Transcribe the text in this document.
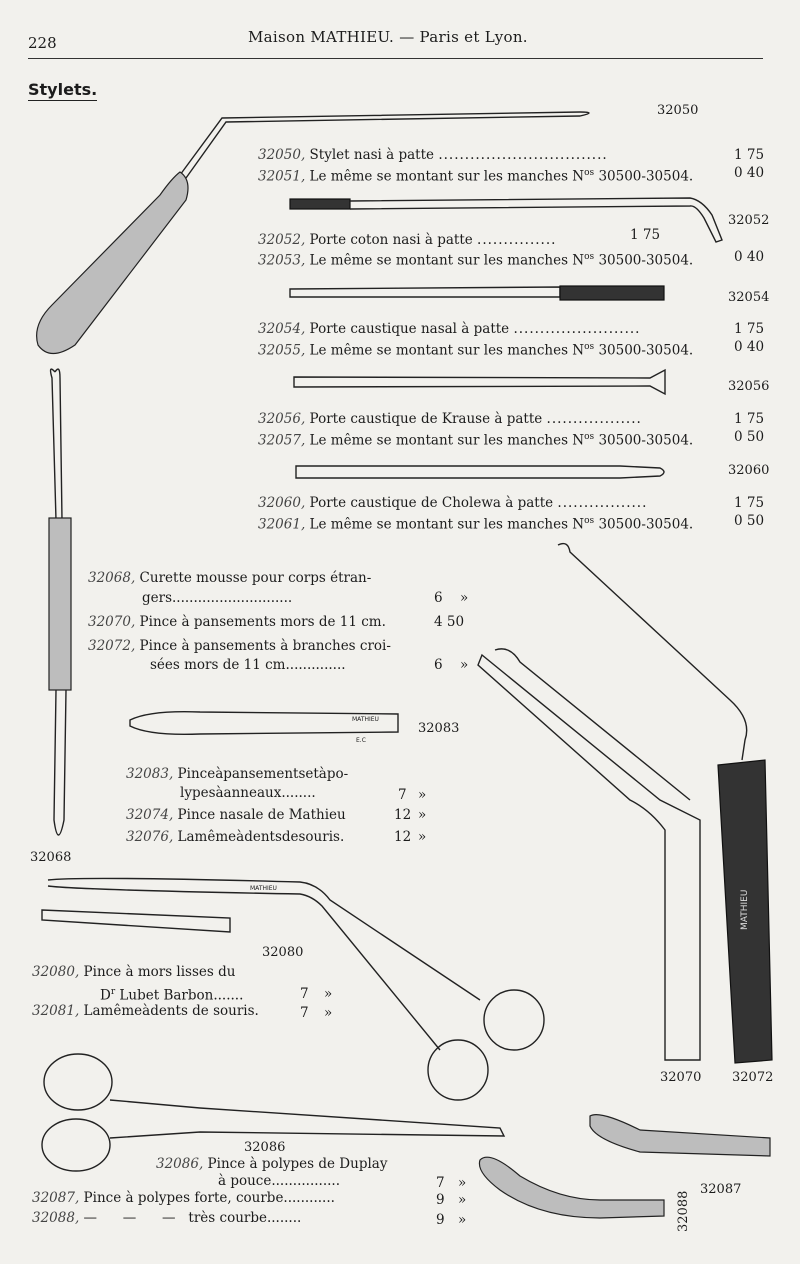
228	Maison MATHIEU. — Paris et Lyon.
Stylets.
MATHIEU
E.C
MATHIEU
MATHIEU
32050
32052
32054
32056
32060
32083
32068
32080
32070 32072
32086
32087
32088
32050, Stylet nasi à patte ................................	1 75
32051, Le même se montant sur les manches $N^{os}$ 30500-30504.	0 40
32052, Porte coton nasi à patte ...............	1 75
32053, Le même se montant sur les manches $N^{os}$ 30500-30504.	0 40
32054, Porte caustique nasal à patte ........................	1 75
32055, Le même se montant sur les manches $N^{os}$ 30500-30504.	0 40
32056, Porte caustique de Krause à patte ..................	1 75
32057, Le même se montant sur les manches $N^{os}$ 30500-30504.	0 50
32060, Porte caustique de Cholewa à patte .................	1 75
32061, Le même se montant sur les manches $N^{os}$ 30500-30504.	0 50
32068, Curette mousse pour corps étran-
gers............................	6 »
32070, Pince à pansements mors de 11 cm.	4 50
32072, Pince à pansements à branches croi-
sées mors de 11 cm..............	6 »
32083, Pinceàpansementsetàpo-
lypesàanneaux........	7 »
32074, Pince nasale de Mathieu	12 »
32076, Lamêmeàdentsdesouris.	12 »
32080, Pince à mors lisses du
$D^r$ Lubet Barbon.......	7 »
32081, Lamêmeàdents de souris.	7 »
32086, Pince à polypes de Duplay
à pouce................	7 »
32087, Pince à polypes forte, courbe............	9 »
32088, —      —      —   très courbe........	9 »
